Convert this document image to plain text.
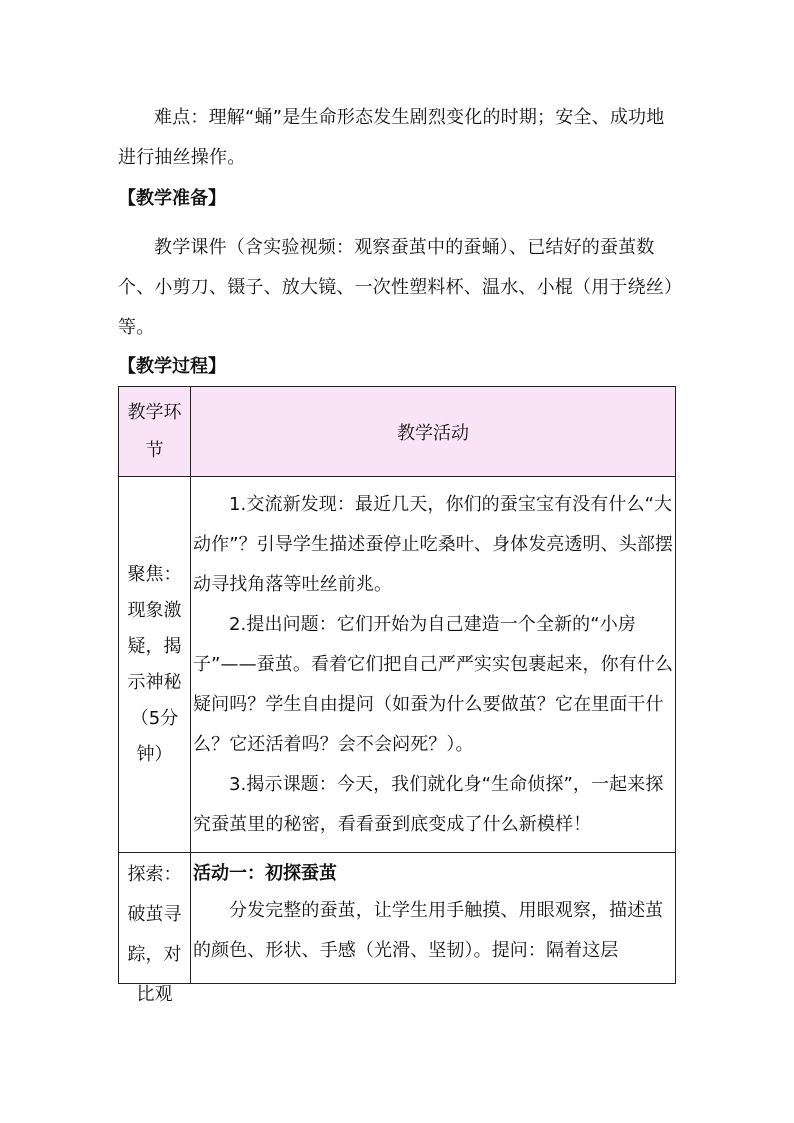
难点：理解“蛹”是生命形态发生剧烈变化的时期；安全、成功地进行抽丝操作。
【教学准备】
教学课件（含实验视频：观察蚕茧中的蚕蛹）、已结好的蚕茧数个、小剪刀、镊子、放大镜、一次性塑料杯、温水、小棍（用于绕丝）等。
【教学过程】
教学环节
教学活动
聚焦：现象激疑，揭示神秘（5分钟）

1.交流新发现：最近几天，你们的蚕宝宝有没有什么“大动作”？引导学生描述蚕停止吃桑叶、身体发亮透明、头部摆动寻找角落等吐丝前兆。

2.提出问题：它们开始为自己建造一个全新的“小房子”——蚕茧。看着它们把自己严严实实包裹起来，你有什么疑问吗？学生自由提问（如蚕为什么要做茧？它在里面干什么？它还活着吗？会不会闷死？）。

3.揭示课题：今天，我们就化身“生命侦探”，一起来探究蚕茧里的秘密，看看蚕到底变成了什么新模样！

探索：破茧寻踪，对比观

活动一：初探蚕茧

分发完整的蚕茧，让学生用手触摸、用眼观察，描述茧的颜色、形状、手感（光滑、坚韧）。提问：隔着这层
